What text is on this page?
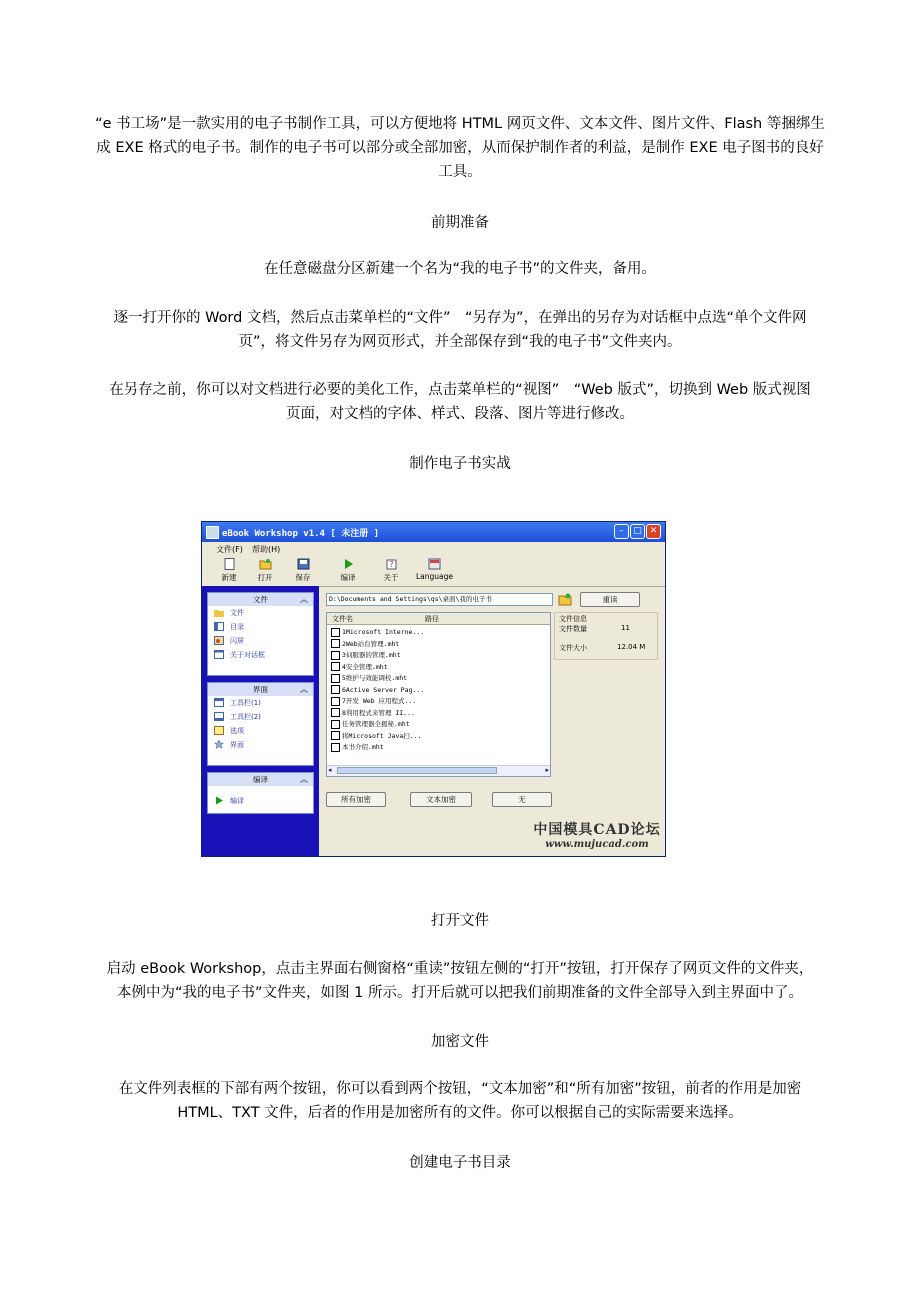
“e 书工场”是一款实用的电子书制作工具，可以方便地将 HTML 网页文件、文本文件、图片文件、Flash 等捆绑生
成 EXE 格式的电子书。制作的电子书可以部分或全部加密，从而保护制作者的利益，是制作 EXE 电子图书的良好
工具。
前期准备
在任意磁盘分区新建一个名为“我的电子书”的文件夹，备用。
逐一打开你的 Word 文档，然后点击菜单栏的“文件”　“另存为”，在弹出的另存为对话框中点选“单个文件网
页”，将文件另存为网页形式，并全部保存到“我的电子书”文件夹内。
在另存之前，你可以对文档进行必要的美化工作，点击菜单栏的“视图”　“Web 版式”，切换到 Web 版式视图
页面，对文档的字体、样式、段落、图片等进行修改。
制作电子书实战
eBook Workshop v1.4 [ 未注册 ]	–	□ ✕
文件(F) 帮助(H)
新建	打开	保存	编译
?
关于	Language
文件	︽
文件
目录
闪屏
关于对话框
界面	︽
工具栏(1)
工具栏(2)
选项
界面
编译	︽
编译
D:\Documents and Settings\qs\桌面\我的电子书	重读
文件信息
文件数量	11
文件大小	12.04 M
文件名	路径
1Microsoft Interne...
2Web站台管理.mht
3伺服器的管理.mht
4安全管理.mht
5维护与效能调校.mht
6Active Server Pag...
7开发 Web 应用程式...
8利用程式来管理 II...
任务管理器全揭秘.mht
将Microsoft Java扫...
本书介绍.mht
◂	▸
所有加密	文本加密	无
中国模具CAD论坛
www.mujucad.com
打开文件
启动 eBook Workshop，点击主界面右侧窗格“重读”按钮左侧的“打开”按钮，打开保存了网页文件的文件夹，
本例中为“我的电子书”文件夹，如图 1 所示。打开后就可以把我们前期准备的文件全部导入到主界面中了。
加密文件
在文件列表框的下部有两个按钮，你可以看到两个按钮，“文本加密”和“所有加密”按钮，前者的作用是加密
HTML、TXT 文件，后者的作用是加密所有的文件。你可以根据自己的实际需要来选择。
创建电子书目录
